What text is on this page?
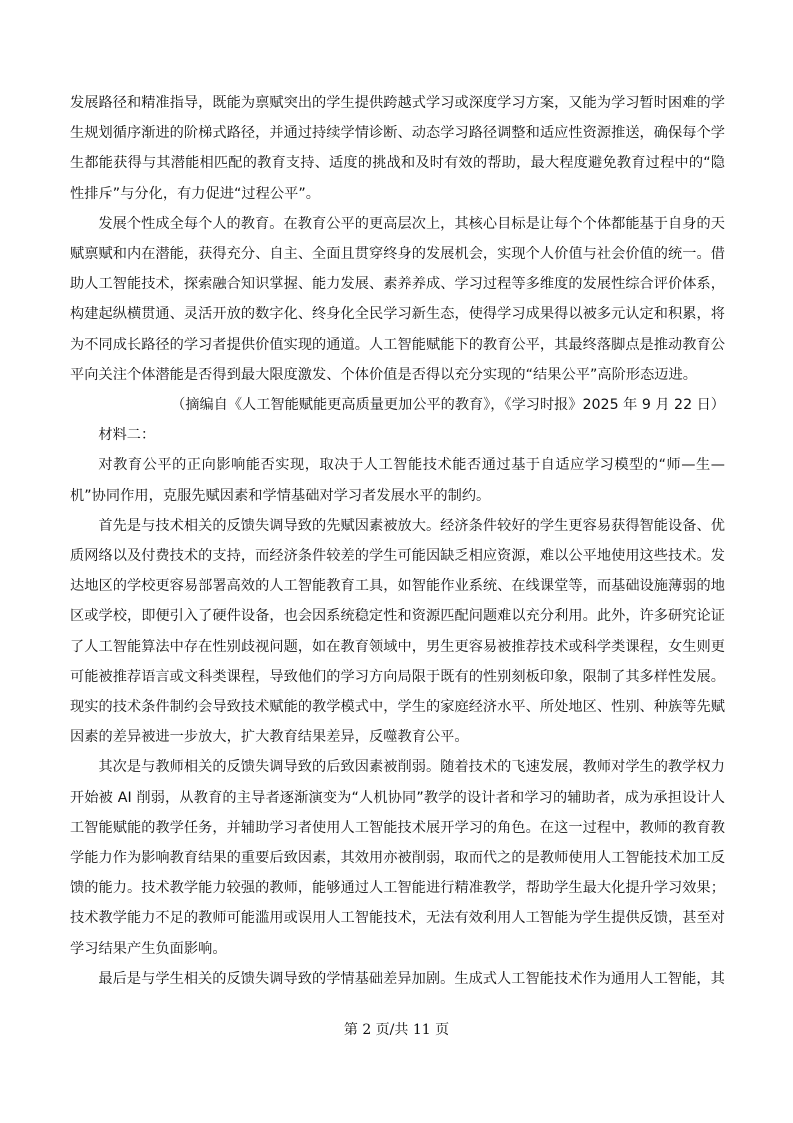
发展路径和精准指导，既能为禀赋突出的学生提供跨越式学习或深度学习方案，又能为学习暂时困难的学生规划循序渐进的阶梯式路径，并通过持续学情诊断、动态学习路径调整和适应性资源推送，确保每个学生都能获得与其潜能相匹配的教育支持、适度的挑战和及时有效的帮助，最大程度避免教育过程中的“隐性排斥”与分化，有力促进“过程公平”。

发展个性成全每个人的教育。在教育公平的更高层次上，其核心目标是让每个个体都能基于自身的天赋禀赋和内在潜能，获得充分、自主、全面且贯穿终身的发展机会，实现个人价值与社会价值的统一。借助人工智能技术，探索融合知识掌握、能力发展、素养养成、学习过程等多维度的发展性综合评价体系，构建起纵横贯通、灵活开放的数字化、终身化全民学习新生态，使得学习成果得以被多元认定和积累，将为不同成长路径的学习者提供价值实现的通道。人工智能赋能下的教育公平，其最终落脚点是推动教育公平向关注个体潜能是否得到最大限度激发、个体价值是否得以充分实现的“结果公平”高阶形态迈进。

（摘编自《人工智能赋能更高质量更加公平的教育》，《学习时报》2025 年 9 月 22 日）

材料二：

对教育公平的正向影响能否实现，取决于人工智能技术能否通过基于自适应学习模型的“师—生—机”协同作用，克服先赋因素和学情基础对学习者发展水平的制约。

首先是与技术相关的反馈失调导致的先赋因素被放大。经济条件较好的学生更容易获得智能设备、优质网络以及付费技术的支持，而经济条件较差的学生可能因缺乏相应资源，难以公平地使用这些技术。发达地区的学校更容易部署高效的人工智能教育工具，如智能作业系统、在线课堂等，而基础设施薄弱的地区或学校，即便引入了硬件设备，也会因系统稳定性和资源匹配问题难以充分利用。此外，许多研究论证了人工智能算法中存在性别歧视问题，如在教育领域中，男生更容易被推荐技术或科学类课程，女生则更可能被推荐语言或文科类课程，导致他们的学习方向局限于既有的性别刻板印象，限制了其多样性发展。现实的技术条件制约会导致技术赋能的教学模式中，学生的家庭经济水平、所处地区、性别、种族等先赋因素的差异被进一步放大，扩大教育结果差异，反噬教育公平。

其次是与教师相关的反馈失调导致的后致因素被削弱。随着技术的飞速发展，教师对学生的教学权力开始被 AI 削弱，从教育的主导者逐渐演变为“人机协同”教学的设计者和学习的辅助者，成为承担设计人工智能赋能的教学任务，并辅助学习者使用人工智能技术展开学习的角色。在这一过程中，教师的教育教学能力作为影响教育结果的重要后致因素，其效用亦被削弱，取而代之的是教师使用人工智能技术加工反馈的能力。技术教学能力较强的教师，能够通过人工智能进行精准教学，帮助学生最大化提升学习效果；技术教学能力不足的教师可能滥用或误用人工智能技术，无法有效利用人工智能为学生提供反馈，甚至对学习结果产生负面影响。

最后是与学生相关的反馈失调导致的学情基础差异加剧。生成式人工智能技术作为通用人工智能，其

第 2 页/共 11 页
